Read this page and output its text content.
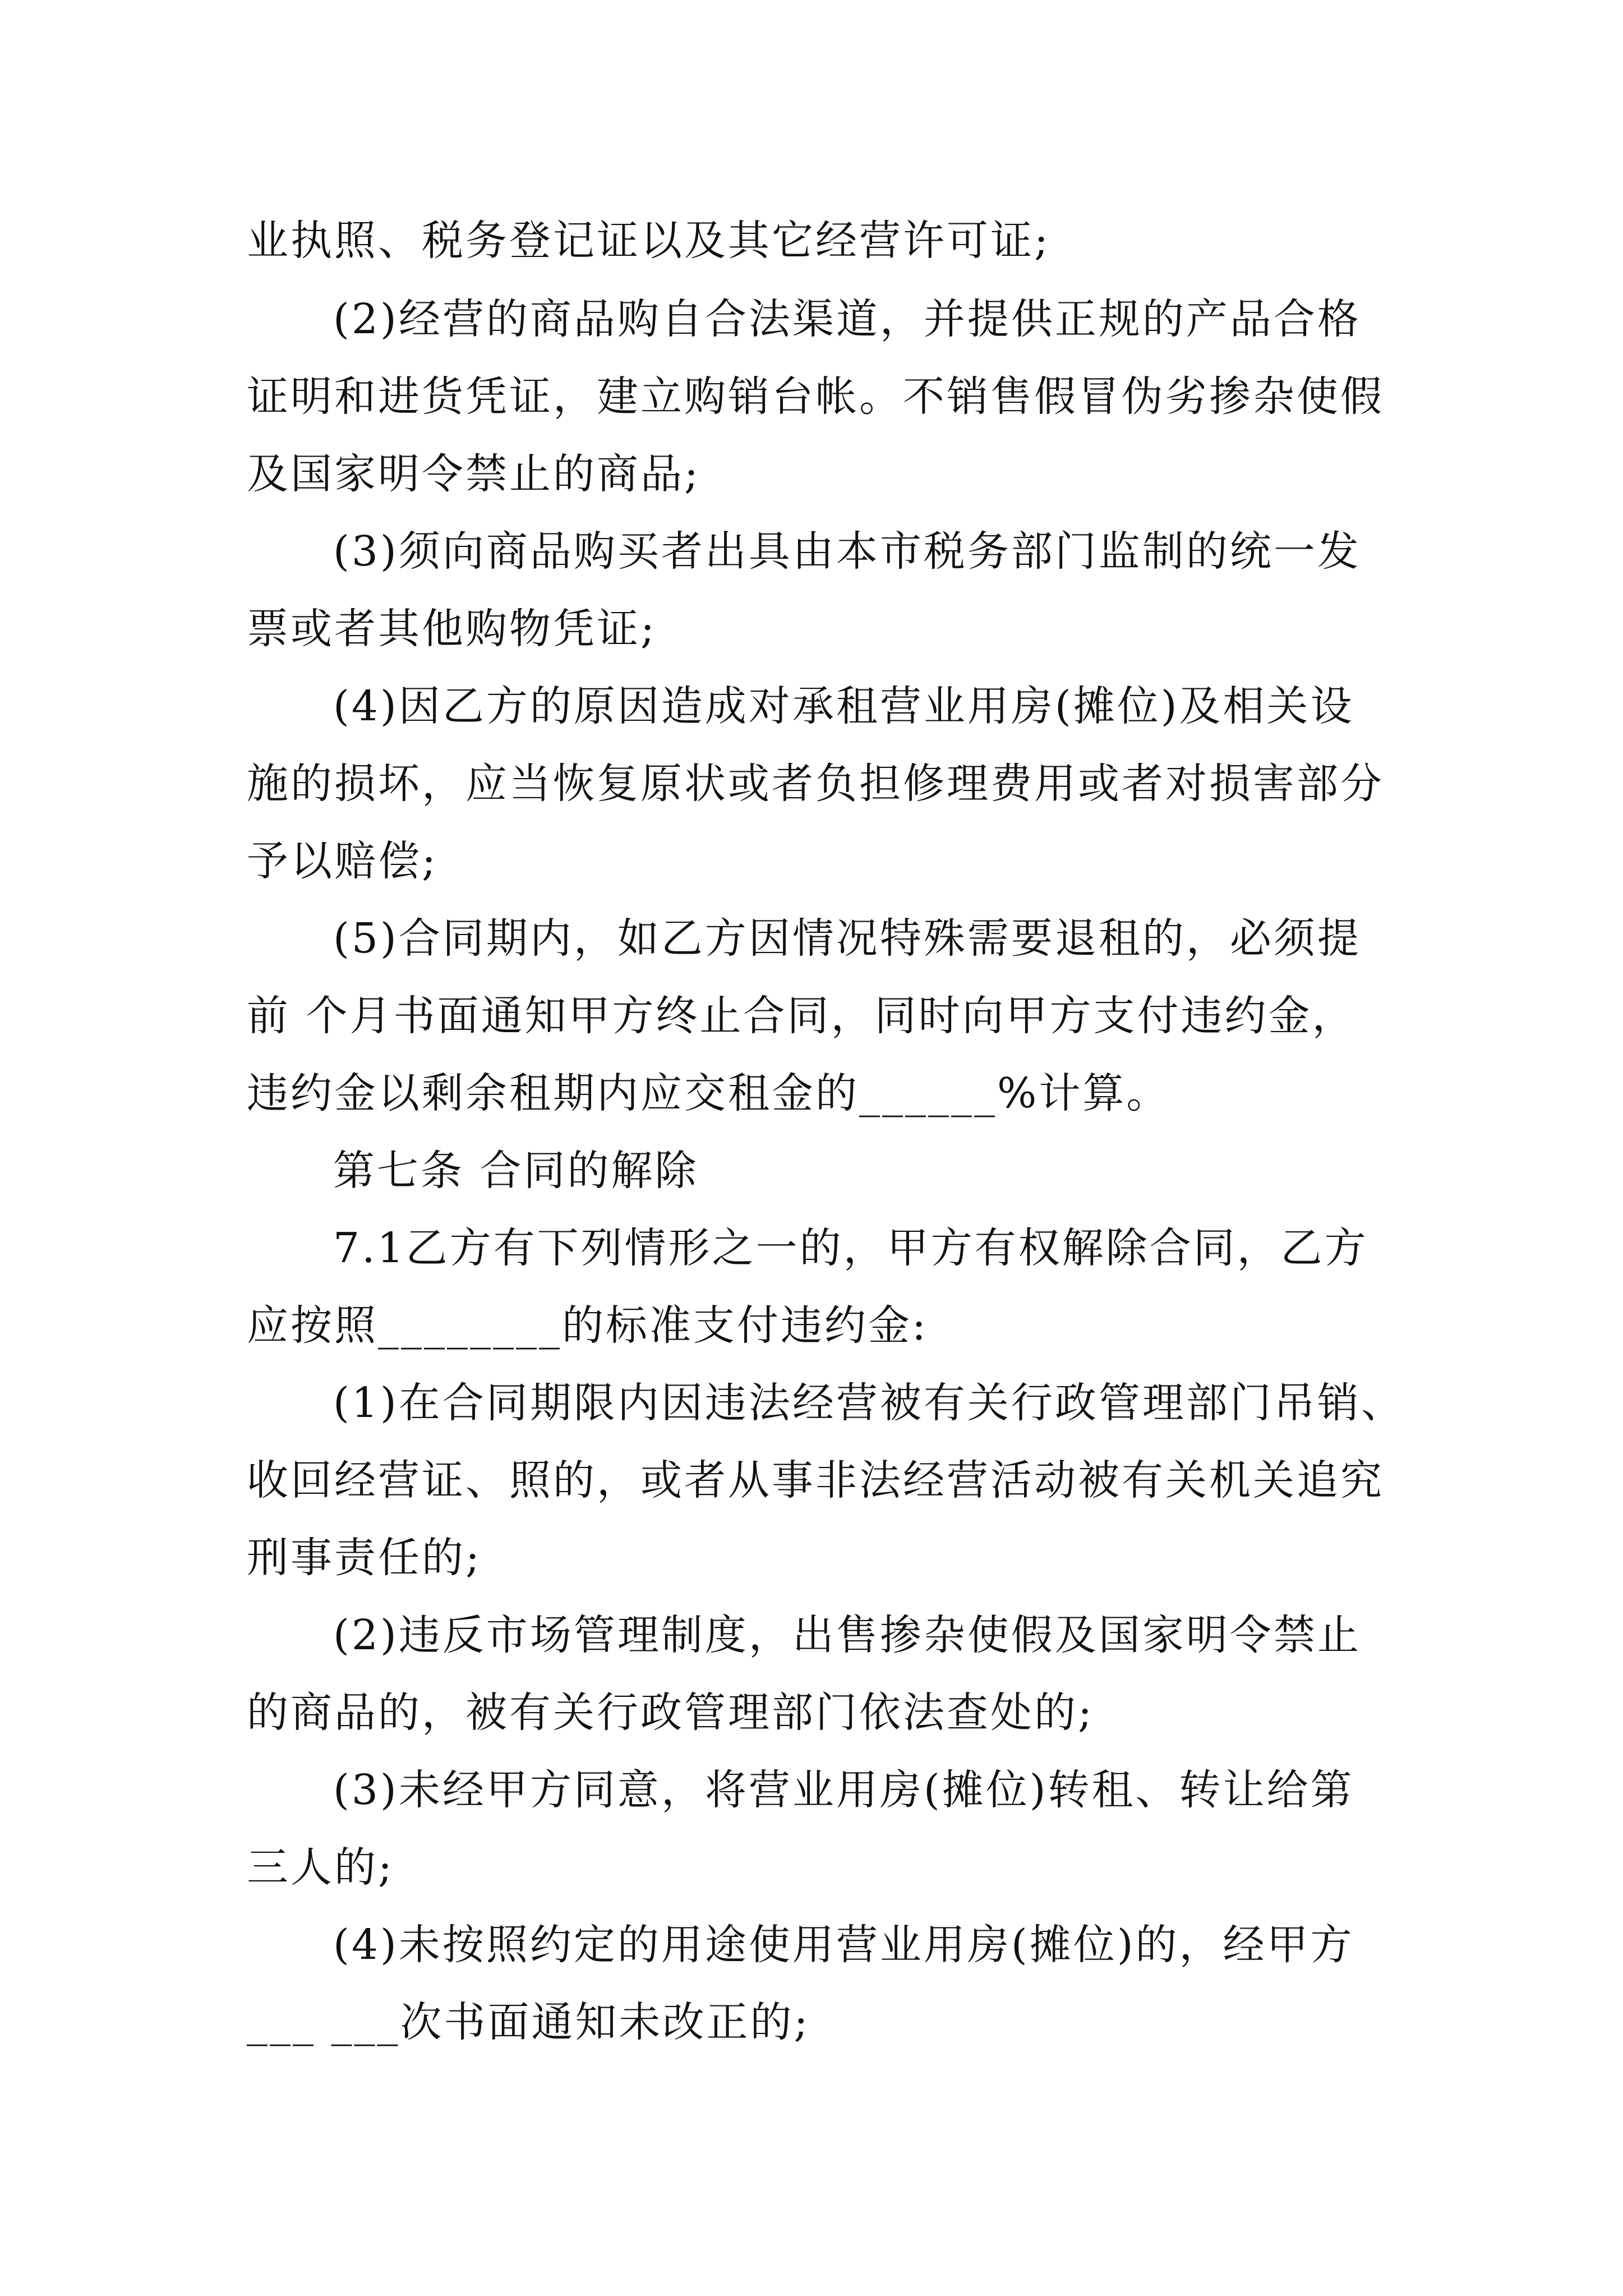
业执照、税务登记证以及其它经营许可证;
(2)经营的商品购自合法渠道，并提供正规的产品合格
证明和进货凭证，建立购销台帐。不销售假冒伪劣掺杂使假
及国家明令禁止的商品;
(3)须向商品购买者出具由本市税务部门监制的统一发
票或者其他购物凭证;
(4)因乙方的原因造成对承租营业用房(摊位)及相关设
施的损坏，应当恢复原状或者负担修理费用或者对损害部分
予以赔偿;
(5)合同期内，如乙方因情况特殊需要退租的，必须提
前 个月书面通知甲方终止合同，同时向甲方支付违约金，
违约金以剩余租期内应交租金的______%计算。
第七条 合同的解除
7.1乙方有下列情形之一的，甲方有权解除合同，乙方
应按照________的标准支付违约金:
(1)在合同期限内因违法经营被有关行政管理部门吊销、
收回经营证、照的，或者从事非法经营活动被有关机关追究
刑事责任的;
(2)违反市场管理制度，出售掺杂使假及国家明令禁止
的商品的，被有关行政管理部门依法查处的;
(3)未经甲方同意，将营业用房(摊位)转租、转让给第
三人的;
(4)未按照约定的用途使用营业用房(摊位)的，经甲方
___ ___次书面通知未改正的;
